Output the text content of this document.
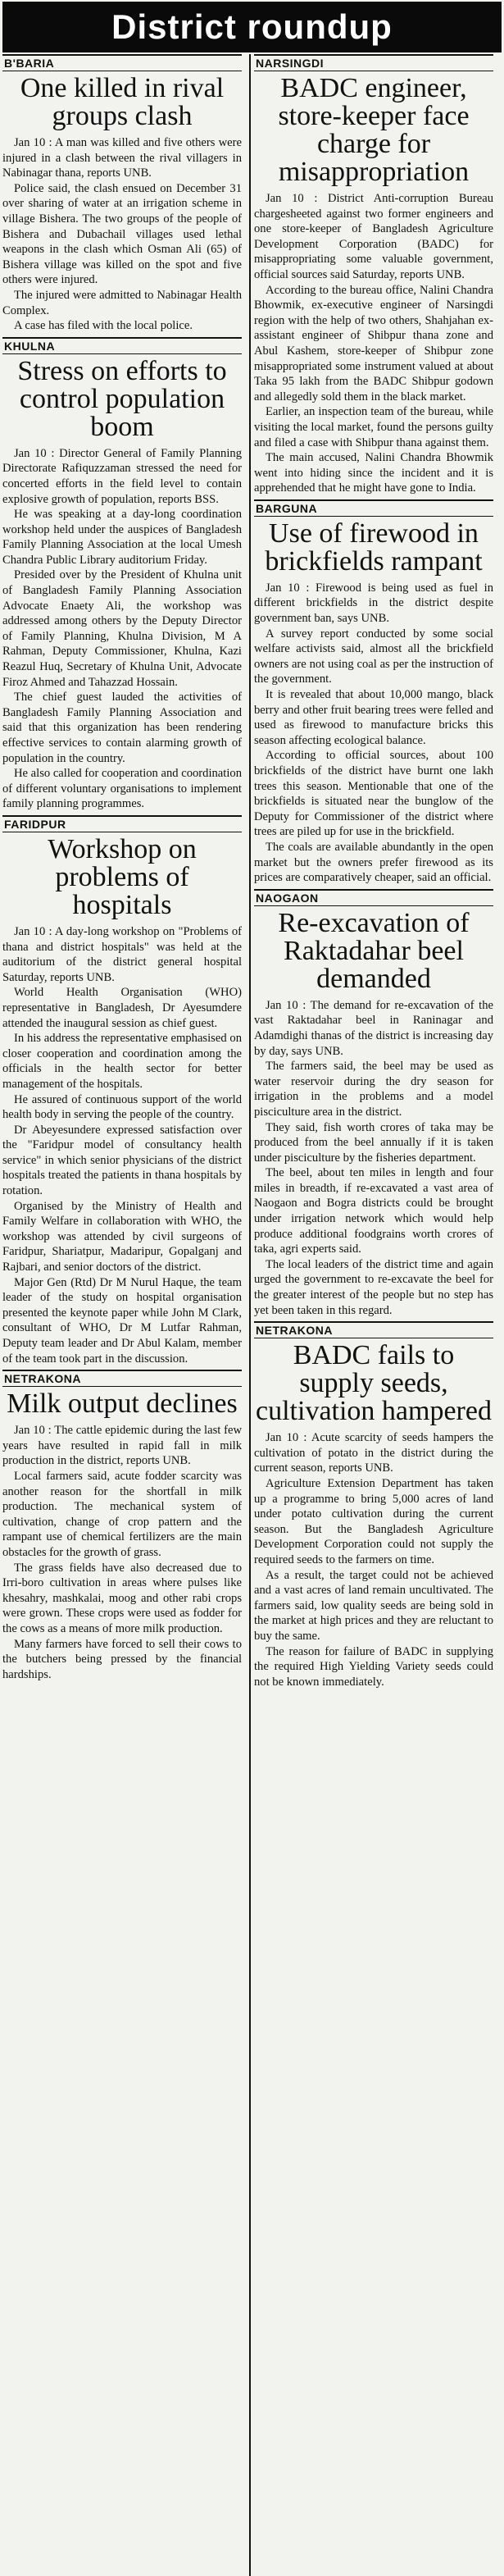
District roundup
B'BARIA
One killed in rival groups clash

Jan 10 : A man was killed and five others were injured in a clash between the rival villagers in Nabinagar thana, reports UNB.

Police said, the clash ensued on December 31 over sharing of water at an irrigation scheme in village Bishera. The two groups of the people of Bishera and Dubachail villages used lethal weapons in the clash which Osman Ali (65) of Bishera village was killed on the spot and five others were injured.

The injured were admitted to Nabinagar Health Complex.

A case has filed with the local police.

KHULNA
Stress on efforts to control population boom

Jan 10 : Director General of Family Planning Directorate Rafiquzzaman stressed the need for concerted efforts in the field level to contain explosive growth of population, reports BSS.

He was speaking at a day-long coordination workshop held under the auspices of Bangladesh Family Planning Association at the local Umesh Chandra Public Library auditorium Friday.

Presided over by the President of Khulna unit of Bangladesh Family Planning Association Advocate Enaety Ali, the workshop was addressed among others by the Deputy Director of Family Planning, Khulna Division, M A Rahman, Deputy Commissioner, Khulna, Kazi Reazul Huq, Secretary of Khulna Unit, Advocate Firoz Ahmed and Tahazzad Hossain.

The chief guest lauded the activities of Bangladesh Family Planning Association and said that this organization has been rendering effective services to contain alarming growth of population in the country.

He also called for cooperation and coordination of different voluntary organisations to implement family planning programmes.

FARIDPUR
Workshop on problems of hospitals

Jan 10 : A day-long workshop on "Problems of thana and district hospitals" was held at the auditorium of the district general hospital Saturday, reports UNB.

World Health Organisation (WHO) representative in Bangladesh, Dr Ayesumdere attended the inaugural session as chief guest.

In his address the representative emphasised on closer cooperation and coordination among the officials in the health sector for better management of the hospitals.

He assured of continuous support of the world health body in serving the people of the country.

Dr Abeyesundere expressed satisfaction over the "Faridpur model of consultancy health service" in which senior physicians of the district hospitals treated the patients in thana hospitals by rotation.

Organised by the Ministry of Health and Family Welfare in collaboration with WHO, the workshop was attended by civil surgeons of Faridpur, Shariatpur, Madaripur, Gopalganj and Rajbari, and senior doctors of the district.

Major Gen (Rtd) Dr M Nurul Haque, the team leader of the study on hospital organisation presented the keynote paper while John M Clark, consultant of WHO, Dr M Lutfar Rahman, Deputy team leader and Dr Abul Kalam, member of the team took part in the discussion.

NETRAKONA
Milk output declines

Jan 10 : The cattle epidemic during the last few years have resulted in rapid fall in milk production in the district, reports UNB.

Local farmers said, acute fodder scarcity was another reason for the shortfall in milk production. The mechanical system of cultivation, change of crop pattern and the rampant use of chemical fertilizers are the main obstacles for the growth of grass.

The grass fields have also decreased due to Irri-boro cultivation in areas where pulses like khesahry, mashkalai, moog and other rabi crops were grown. These crops were used as fodder for the cows as a means of more milk production.

Many farmers have forced to sell their cows to the butchers being pressed by the financial hardships.

NARSINGDI
BADC engineer, store-keeper face charge for misappropriation

Jan 10 : District Anti-corruption Bureau chargesheeted against two former engineers and one store-keeper of Bangladesh Agriculture Development Corporation (BADC) for misappropriating some valuable government, official sources said Saturday, reports UNB.

According to the bureau office, Nalini Chandra Bhowmik, ex-executive engineer of Narsingdi region with the help of two others, Shahjahan ex-assistant engineer of Shibpur thana zone and Abul Kashem, store-keeper of Shibpur zone misappropriated some instrument valued at about Taka 95 lakh from the BADC Shibpur godown and allegedly sold them in the black market.

Earlier, an inspection team of the bureau, while visiting the local market, found the persons guilty and filed a case with Shibpur thana against them.

The main accused, Nalini Chandra Bhowmik went into hiding since the incident and it is apprehended that he might have gone to India.

BARGUNA
Use of firewood in brickfields rampant

Jan 10 : Firewood is being used as fuel in different brickfields in the district despite government ban, says UNB.

A survey report conducted by some social welfare activists said, almost all the brickfield owners are not using coal as per the instruction of the government.

It is revealed that about 10,000 mango, black berry and other fruit bearing trees were felled and used as firewood to manufacture bricks this season affecting ecological balance.

According to official sources, about 100 brickfields of the district have burnt one lakh trees this season. Mentionable that one of the brickfields is situated near the bunglow of the Deputy for Commissioner of the district where trees are piled up for use in the brickfield.

The coals are available abundantly in the open market but the owners prefer firewood as its prices are comparatively cheaper, said an official.

NAOGAON
Re-excavation of Raktadahar beel demanded

Jan 10 : The demand for re-excavation of the vast Raktadahar beel in Raninagar and Adamdighi thanas of the district is increasing day by day, says UNB.

The farmers said, the beel may be used as water reservoir during the dry season for irrigation in the problems and a model pisciculture area in the district.

They said, fish worth crores of taka may be produced from the beel annually if it is taken under pisciculture by the fisheries department.

The beel, about ten miles in length and four miles in breadth, if re-excavated a vast area of Naogaon and Bogra districts could be brought under irrigation network which would help produce additional foodgrains worth crores of taka, agri experts said.

The local leaders of the district time and again urged the government to re-excavate the beel for the greater interest of the people but no step has yet been taken in this regard.

NETRAKONA
BADC fails to supply seeds, cultivation hampered

Jan 10 : Acute scarcity of seeds hampers the cultivation of potato in the district during the current season, reports UNB.

Agriculture Extension Department has taken up a programme to bring 5,000 acres of land under potato cultivation during the current season. But the Bangladesh Agriculture Development Corporation could not supply the required seeds to the farmers on time.

As a result, the target could not be achieved and a vast acres of land remain uncultivated. The farmers said, low quality seeds are being sold in the market at high prices and they are reluctant to buy the same.

The reason for failure of BADC in supplying the required High Yielding Variety seeds could not be known immediately.
